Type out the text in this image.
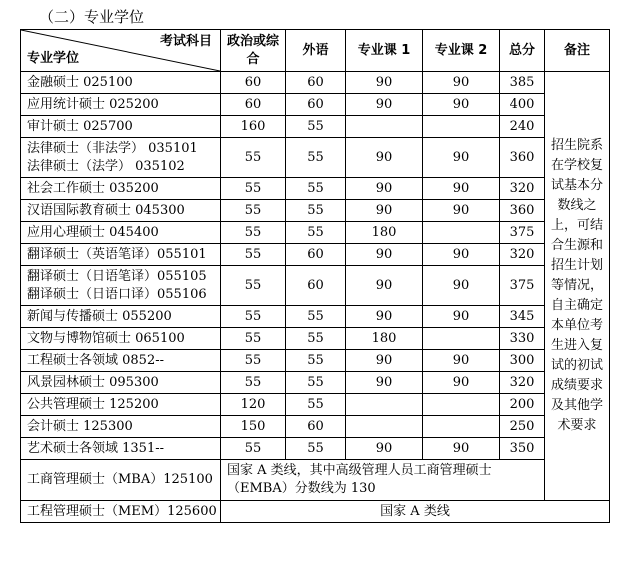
（二）专业学位
考试科目
专业学位	政治或综合	外语	专业课 1	专业课 2	总分	备注

金融硕士 025100	60	60	90	90	385	招生院系在学校复试基本分数线之上，可结合生源和招生计划等情况，自主确定本单位考生进入复试的初试成绩要求及其他学术要求

应用统计硕士 025200	60	60	90	90	400	

审计硕士 025700	160	55			240	

法律硕士（非法学） 035101
法律硕士（法学） 035102	55	55	90	90	360	

社会工作硕士 035200	55	55	90	90	320	

汉语国际教育硕士 045300	55	55	90	90	360	

应用心理硕士 045400	55	55	180		375	

翻译硕士（英语笔译）055101	55	60	90	90	320	

翻译硕士（日语笔译）055105
翻译硕士（日语口译）055106	55	60	90	90	375	

新闻与传播硕士 055200	55	55	90	90	345	

文物与博物馆硕士 065100	55	55	180		330	

工程硕士各领域 0852--	55	55	90	90	300	

风景园林硕士 095300	55	55	90	90	320	

公共管理硕士 125200	120	55			200	

会计硕士 125300	150	60			250	

艺术硕士各领域 1351--	55	55	90	90	350	
工商管理硕士（MBA）125100	国家 A 类线，其中高级管理人员工商管理硕士（EMBA）分数线为 130					
工程管理硕士（MEM）125600	国家 A 类线					
